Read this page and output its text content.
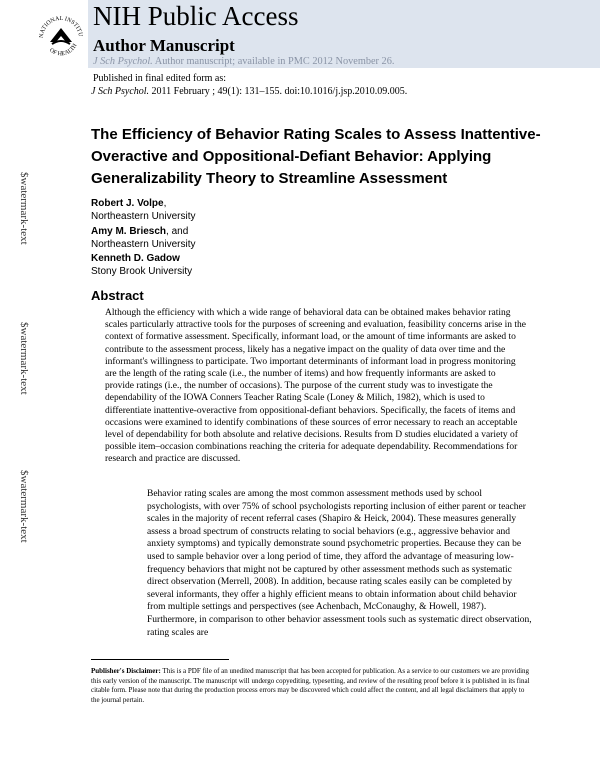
NATIONAL INSTITU
OF HEALTH
NIH Public Access
Author Manuscript
J Sch Psychol. Author manuscript; available in PMC 2012 November 26.
Published in final edited form as:
J Sch Psychol. 2011 February ; 49(1): 131–155. doi:10.1016/j.jsp.2010.09.005.
$watermark-text
$watermark-text
$watermark-text
The Efficiency of Behavior Rating Scales to Assess Inattentive-Overactive and Oppositional-Defiant Behavior: Applying Generalizability Theory to Streamline Assessment
Robert J. Volpe,
Northeastern University
Amy M. Briesch, and
Northeastern University
Kenneth D. Gadow
Stony Brook University
Abstract
Although the efficiency with which a wide range of behavioral data can be obtained makes behavior rating scales particularly attractive tools for the purposes of screening and evaluation, feasibility concerns arise in the context of formative assessment. Specifically, informant load, or the amount of time informants are asked to contribute to the assessment process, likely has a negative impact on the quality of data over time and the informant's willingness to participate. Two important determinants of informant load in progress monitoring are the length of the rating scale (i.e., the number of items) and how frequently informants are asked to provide ratings (i.e., the number of occasions). The purpose of the current study was to investigate the dependability of the IOWA Conners Teacher Rating Scale (Loney & Milich, 1982), which is used to differentiate inattentive-overactive from oppositional-defiant behaviors. Specifically, the facets of items and occasions were examined to identify combinations of these sources of error necessary to reach an acceptable level of dependability for both absolute and relative decisions. Results from D studies elucidated a variety of possible item–occasion combinations reaching the criteria for adequate dependability. Recommendations for research and practice are discussed.
Behavior rating scales are among the most common assessment methods used by school psychologists, with over 75% of school psychologists reporting inclusion of either parent or teacher scales in the majority of recent referral cases (Shapiro & Heick, 2004). These measures generally assess a broad spectrum of constructs relating to social behaviors (e.g., aggressive behavior and anxiety symptoms) and typically demonstrate sound psychometric properties. Because they can be used to sample behavior over a long period of time, they afford the advantage of measuring low-frequency behaviors that might not be captured by other assessment methods such as systematic direct observation (Merrell, 2008). In addition, because rating scales easily can be completed by several informants, they offer a highly efficient means to obtain information about child behavior from multiple settings and perspectives (see Achenbach, McConaughy, & Howell, 1987). Furthermore, in comparison to other behavior assessment tools such as systematic direct observation, rating scales are
Publisher's Disclaimer: This is a PDF file of an unedited manuscript that has been accepted for publication. As a service to our customers we are providing this early version of the manuscript. The manuscript will undergo copyediting, typesetting, and review of the resulting proof before it is published in its final citable form. Please note that during the production process errors may be discovered which could affect the content, and all legal disclaimers that apply to the journal pertain.
